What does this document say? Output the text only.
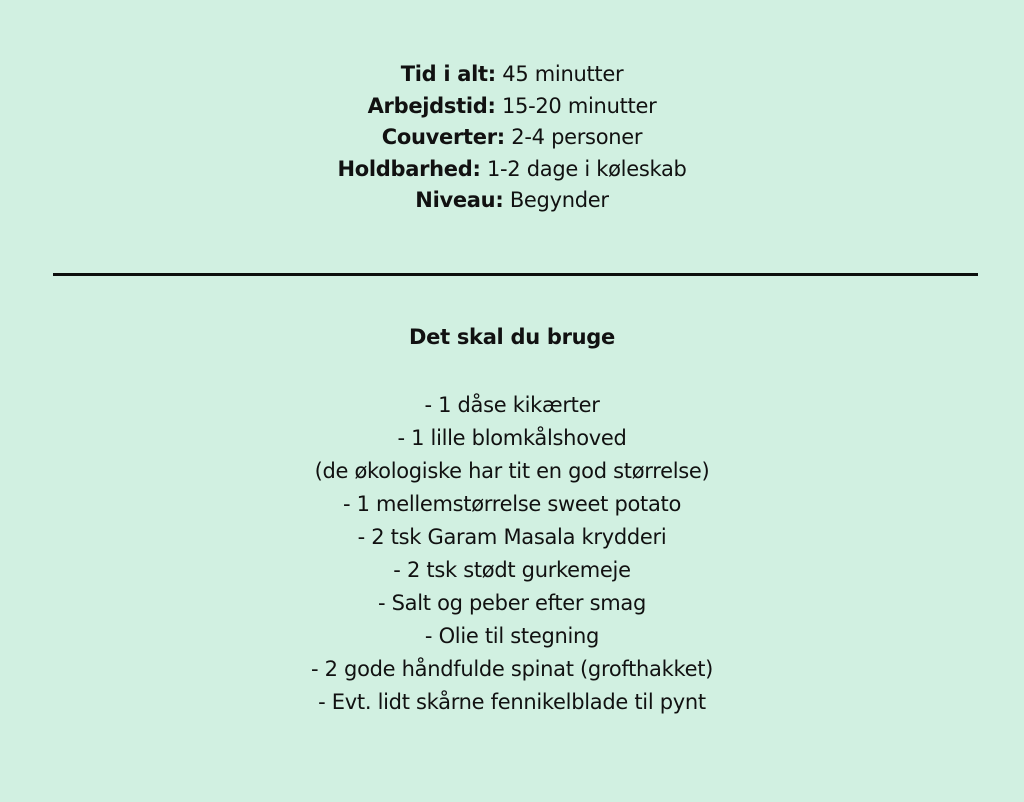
Tid i alt: 45 minutter
Arbejdstid: 15-20 minutter
Couverter: 2-4 personer
Holdbarhed: 1-2 dage i køleskab
Niveau: Begynder
Det skal du bruge
- 1 dåse kikærter
- 1 lille blomkålshoved
(de økologiske har tit en god størrelse)
- 1 mellemstørrelse sweet potato
- 2 tsk Garam Masala krydderi
- 2 tsk stødt gurkemeje
- Salt og peber efter smag
- Olie til stegning
- 2 gode håndfulde spinat (grofthakket)
- Evt. lidt skårne fennikelblade til pynt
